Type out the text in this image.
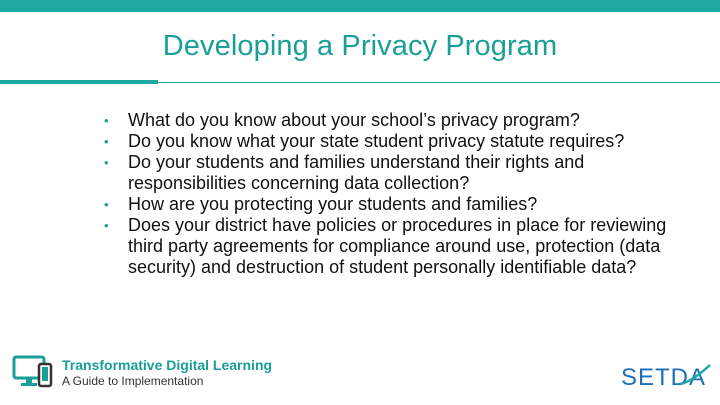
Developing a Privacy Program
•	What do you know about your school’s privacy program?
•	Do you know what your state student privacy statute requires?
•	Do your students and families understand their rights and responsibilities concerning data collection?
•	How are you protecting your students and families?
•	Does your district have policies or procedures in place for reviewing third party agreements for compliance around use, protection (data security) and destruction of student personally identifiable data?
Transformative Digital Learning
A Guide to Implementation	SETDA
